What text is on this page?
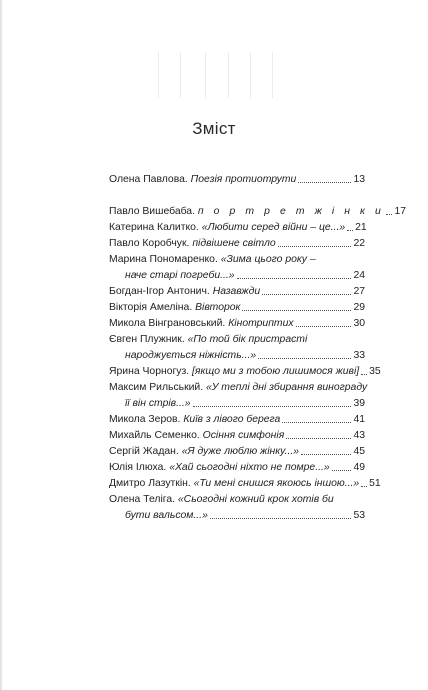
Зміст
Олена Павлова. Поезія протиотрути	13
Павло Вишебаба. п о р т р е т ж і н к и 17
Катерина Калитко. «Любити серед війни – це...» 21
Павло Коробчук. підвішене світло	22
Марина Пономаренко. «Зима цього року –
наче старі погреби...»	24
Богдан-Ігор Антонич. Назавжди	27
Вікторія Амеліна. Вівторок	29
Микола Вінграновський. Кінотриптих	30
Євген Плужник. «По той бік пристрасті
народжується ніжність...»	33
Ярина Чорногуз. [якщо ми з тобою лишимося живі] 35
Максим Рильський. «У теплі дні збирання винограду
її він стрів...»	39
Микола Зеров. Київ з лівого берега	41
Михайль Семенко. Осіння симфонія	43
Сергій Жадан. «Я дуже люблю жінку...»	45
Юлія Ілюха. «Хай сьогодні ніхто не помре...» 49
Дмитро Лазуткін. «Ти мені снишся якоюсь іншою...» 51
Олена Теліга. «Сьогодні кожний крок хотів би
бути вальсом...»	53
